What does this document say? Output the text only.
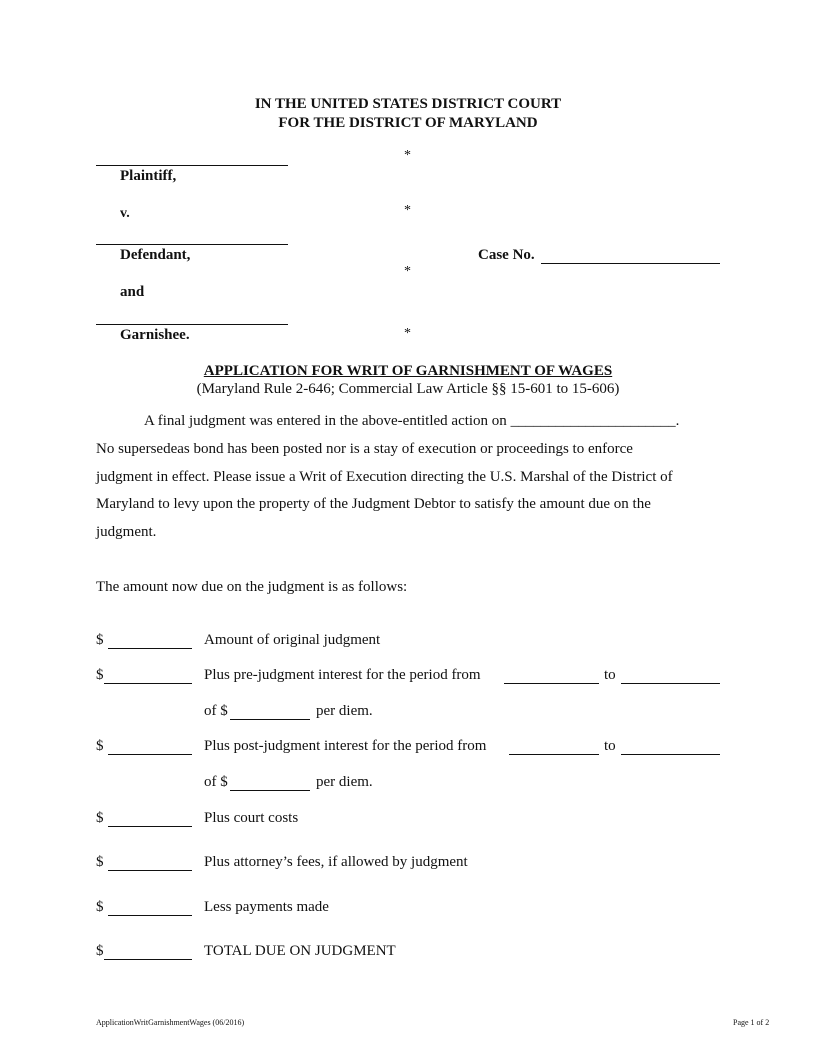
IN THE UNITED STATES DISTRICT COURT
FOR THE DISTRICT OF MARYLAND
Plaintiff,
*
v.	*
Defendant,
*
Case No.
and
Garnishee.	*
APPLICATION FOR WRIT OF GARNISHMENT OF WAGES
(Maryland Rule 2-646; Commercial Law Article §§ 15-601 to 15-606)
A final judgment was entered in the above-entitled action on ______________________.
No supersedeas bond has been posted nor is a stay of execution or proceedings to enforce
judgment in effect. Please issue a Writ of Execution directing the U.S. Marshal of the District of
Maryland to levy upon the property of the Judgment Debtor to satisfy the amount due on the
judgment.
The amount now due on the judgment is as follows:
$	Amount of original judgment
$	Plus pre-judgment interest for the period from	to
of $	per diem.
$	Plus post-judgment interest for the period from	to
of $	per diem.
$	Plus court costs
$	Plus attorney’s fees, if allowed by judgment
$	Less payments made
$	TOTAL DUE ON JUDGMENT
ApplicationWritGarnishmentWages (06/2016)	Page 1 of 2
